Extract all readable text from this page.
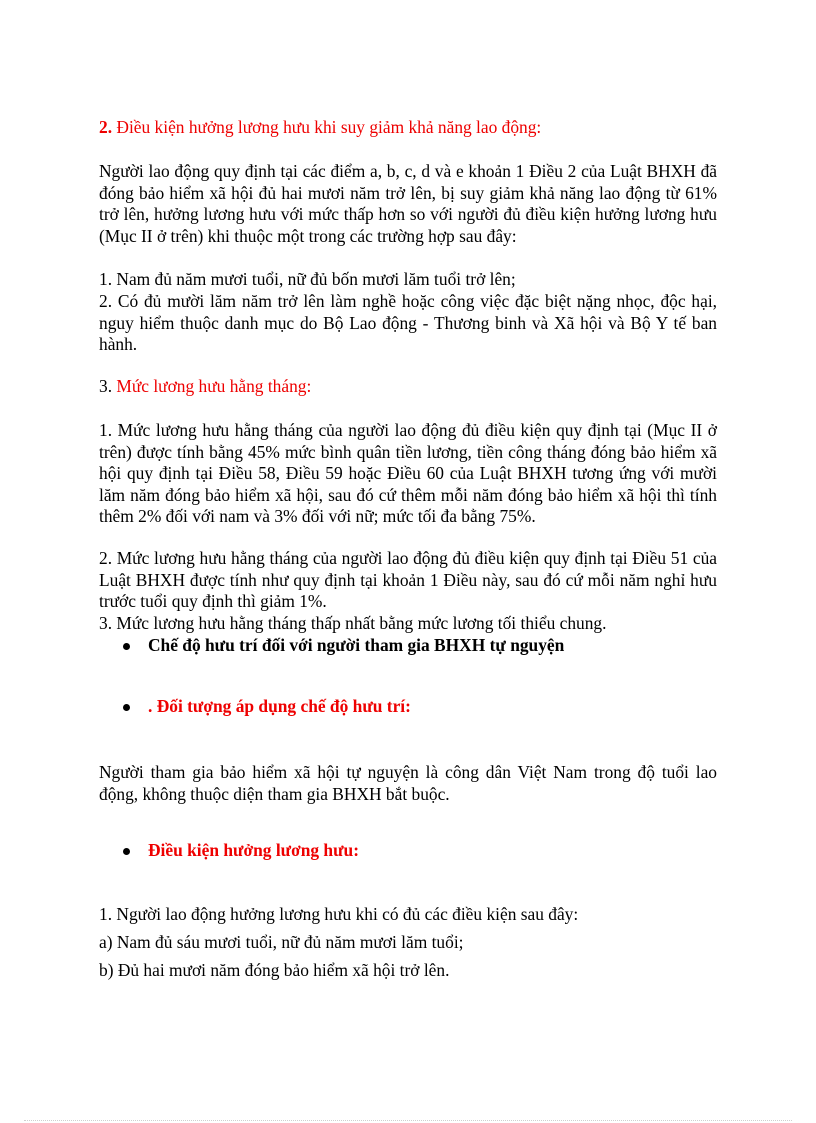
2. Điều kiện hưởng lương hưu khi suy giảm khả năng lao động:

Người lao động quy định tại các điểm a, b, c, d và e khoản 1 Điều 2 của Luật BHXH đã đóng bảo hiểm xã hội đủ hai mươi năm trở lên, bị suy giảm khả năng lao động từ 61% trở lên, hưởng lương hưu với mức thấp hơn so với người đủ điều kiện hưởng lương hưu (Mục II ở trên) khi thuộc một trong các trường hợp sau đây:

1. Nam đủ năm mươi tuổi, nữ đủ bốn mươi lăm tuổi trở lên;

2. Có đủ mười lăm năm trở lên làm nghề hoặc công việc đặc biệt nặng nhọc, độc hại, nguy hiểm thuộc danh mục do Bộ Lao động - Thương binh và Xã hội và Bộ Y tế ban hành.

3. Mức lương hưu hằng tháng:

1. Mức lương hưu hằng tháng của người lao động đủ điều kiện quy định tại (Mục II ở trên) được tính bằng 45% mức bình quân tiền lương, tiền công tháng đóng bảo hiểm xã hội quy định tại Điều 58, Điều 59 hoặc Điều 60 của Luật BHXH tương ứng với mười lăm năm đóng bảo hiểm xã hội, sau đó cứ thêm mỗi năm đóng bảo hiểm xã hội thì tính thêm 2% đối với nam và 3% đối với nữ; mức tối đa bằng 75%.

2. Mức lương hưu hằng tháng của người lao động đủ điều kiện quy định tại Điều 51 của Luật BHXH được tính như quy định tại khoản 1 Điều này, sau đó cứ mỗi năm nghỉ hưu trước tuổi quy định thì giảm 1%.

3. Mức lương hưu hằng tháng thấp nhất bằng mức lương tối thiểu chung.

Chế độ hưu trí đối với người tham gia BHXH tự nguyện
. Đối tượng áp dụng chế độ hưu trí:

Người tham gia bảo hiểm xã hội tự nguyện là công dân Việt Nam trong độ tuổi lao động, không thuộc diện tham gia BHXH bắt buộc.

Điều kiện hưởng lương hưu:

1. Người lao động hưởng lương hưu khi có đủ các điều kiện sau đây:

a) Nam đủ sáu mươi tuổi, nữ đủ năm mươi lăm tuổi;

b) Đủ hai mươi năm đóng bảo hiểm xã hội trở lên.
